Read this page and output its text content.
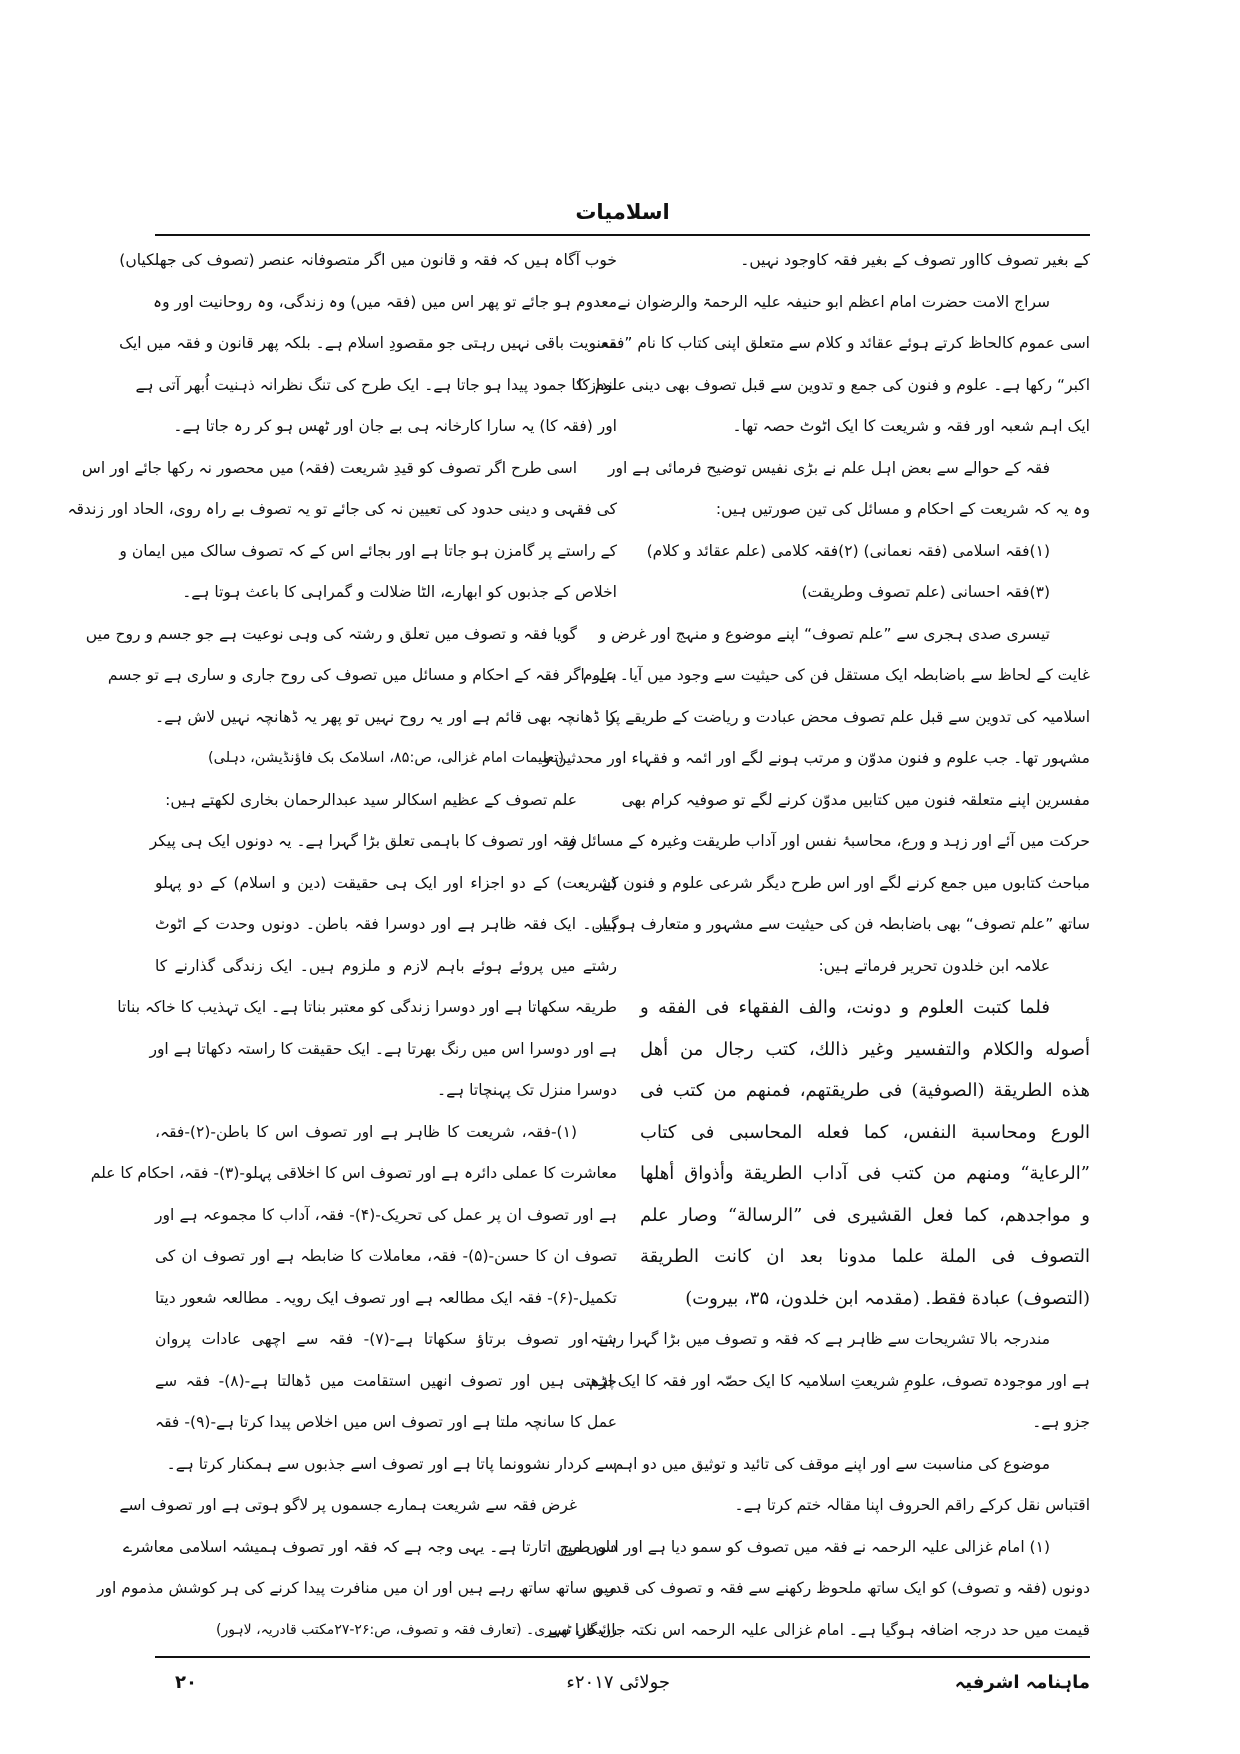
اسلامیات
کے بغیر تصوف کااور تصوف کے بغیر فقہ کاوجود نہیں۔
سراج الامت حضرت امام اعظم ابو حنیفہ علیہ الرحمۃ والرضوان نے
اسی عموم کالحاظ کرتے ہوئے عقائد و کلام سے متعلق اپنی کتاب کا نام ”فقہ
اکبر“ رکھا ہے۔ علوم و فنون کی جمع و تدوین سے قبل تصوف بھی دینی علوم کا
ایک اہم شعبہ اور فقہ و شریعت کا ایک اٹوٹ حصہ تھا۔
فقہ کے حوالے سے بعض اہل علم نے بڑی نفیس توضیح فرمائی ہے اور
وہ یہ کہ شریعت کے احکام و مسائل کی تین صورتیں ہیں:
(۱)فقہ اسلامی (فقہ نعمانی) (۲)فقہ کلامی (علم عقائد و کلام)
(۳)فقہ احسانی (علم تصوف وطریقت)
تیسری صدی ہجری سے ”علم تصوف“ اپنے موضوع و منہج اور غرض و
غایت کے لحاظ سے باضابطہ ایک مستقل فن کی حیثیت سے وجود میں آیا۔ علوم
اسلامیہ کی تدوین سے قبل علم تصوف محض عبادت و ریاضت کے طریقے پر
مشہور تھا۔ جب علوم و فنون مدوّن و مرتب ہونے لگے اور ائمہ و فقہاء اور محدثین و
مفسرین اپنے متعلقہ فنون میں کتابیں مدوّن کرنے لگے تو صوفیہ کرام بھی
حرکت میں آئے اور زہد و ورع، محاسبۂ نفس اور آداب طریقت وغیرہ کے مسائل و
مباحث کتابوں میں جمع کرنے لگے اور اس طرح دیگر شرعی علوم و فنون کے
ساتھ ”علم تصوف“ بھی باضابطہ فن کی حیثیت سے مشہور و متعارف ہوگیا۔
علامہ ابن خلدون تحریر فرماتے ہیں:
فلما كتبت العلوم و دونت، والف الفقهاء فى الفقه و
أصوله والكلام والتفسير وغير ذالك، كتب رجال من أهل
هذه الطريقة (الصوفية) فى طريقتهم، فمنهم من كتب فى
الورع ومحاسبة النفس، كما فعله المحاسبى فى كتاب
”الرعاية“ ومنهم من كتب فى آداب الطريقة وأذواق أهلها
و مواجدهم، كما فعل القشيرى فى ”الرسالة“ وصار علم
التصوف فى الملة علما مدونا بعد ان كانت الطريقة
(التصوف) عبادة فقط. (مقدمہ ابن خلدون، ۳۵، بیروت)
مندرجہ بالا تشریحات سے ظاہر ہے کہ فقہ و تصوف میں بڑا گہرا رشتہ
ہے اور موجودہ تصوف، علومِ شریعتِ اسلامیہ کا ایک حصّہ اور فقہ کا ایک اہم
جزو ہے۔
موضوع کی مناسبت سے اور اپنے موقف کی تائید و توثیق میں دو اہم
اقتباس نقل کرکے راقم الحروف اپنا مقالہ ختم کرتا ہے۔
(۱) امام غزالی علیہ الرحمہ نے فقہ میں تصوف کو سمو دیا ہے اور اس طرح
دونوں (فقہ و تصوف) کو ایک ساتھ ملحوظ رکھنے سے فقہ و تصوف کی قدر و
قیمت میں حد درجہ اضافہ ہوگیا ہے۔ امام غزالی علیہ الرحمہ اس نکتہ جاں فزا سے
خوب آگاہ ہیں کہ فقہ و قانون میں اگر متصوفانہ عنصر (تصوف کی جھلکیاں)
معدوم ہو جائے تو پھر اس میں (فقہ میں) وہ زندگی، وہ روحانیت اور وہ
معنویت باقی نہیں رہتی جو مقصودِ اسلام ہے۔ بلکہ پھر قانون و فقہ میں ایک
انداز کا جمود پیدا ہو جاتا ہے۔ ایک طرح کی تنگ نظرانہ ذہنیت اُبھر آتی ہے
اور (فقہ کا) یہ سارا کارخانہ ہی بے جان اور ٹھس ہو کر رہ جاتا ہے۔
اسی طرح اگر تصوف کو قیدِ شریعت (فقہ) میں محصور نہ رکھا جائے اور اس
کی فقہی و دینی حدود کی تعیین نہ کی جائے تو یہ تصوف بے راہ روی، الحاد اور زندقہ
کے راستے پر گامزن ہو جاتا ہے اور بجائے اس کے کہ تصوف سالک میں ایمان و
اخلاص کے جذبوں کو ابھارے، الٹا ضلالت و گمراہی کا باعث ہوتا ہے۔
گویا فقہ و تصوف میں تعلق و رشتہ کی وہی نوعیت ہے جو جسم و روح میں
ہے۔ اگر فقہ کے احکام و مسائل میں تصوف کی روح جاری و ساری ہے تو جسم
کا ڈھانچہ بھی قائم ہے اور یہ روح نہیں تو پھر یہ ڈھانچہ نہیں لاش ہے۔
(تعلیمات امام غزالی، ص:۸۵، اسلامک بک فاؤنڈیشن، دہلی)
علم تصوف کے عظیم اسکالر سید عبدالرحمان بخاری لکھتے ہیں:
فقہ اور تصوف کا باہمی تعلق بڑا گہرا ہے۔ یہ دونوں ایک ہی پیکر
(شریعت) کے دو اجزاء اور ایک ہی حقیقت (دین و اسلام) کے دو پہلو
ہیں۔ ایک فقہ ظاہر ہے اور دوسرا فقہ باطن۔ دونوں وحدت کے اٹوٹ
رشتے میں پروئے ہوئے باہم لازم و ملزوم ہیں۔ ایک زندگی گذارنے کا
طریقہ سکھاتا ہے اور دوسرا زندگی کو معتبر بناتا ہے۔ ایک تہذیب کا خاکہ بناتا
ہے اور دوسرا اس میں رنگ بھرتا ہے۔ ایک حقیقت کا راستہ دکھاتا ہے اور
دوسرا منزل تک پہنچاتا ہے۔
(۱)-فقہ، شریعت کا ظاہر ہے اور تصوف اس کا باطن-(۲)-فقہ،
معاشرت کا عملی دائرہ ہے اور تصوف اس کا اخلاقی پہلو-(۳)- فقہ، احکام کا علم
ہے اور تصوف ان پر عمل کی تحریک-(۴)- فقہ، آداب کا مجموعہ ہے اور
تصوف ان کا حسن-(۵)- فقہ، معاملات کا ضابطہ ہے اور تصوف ان کی
تکمیل-(۶)- فقہ ایک مطالعہ ہے اور تصوف ایک رویہ۔ مطالعہ شعور دیتا
ہے اور تصوف برتاؤ سکھاتا ہے-(۷)- فقہ سے اچھی عادات پروان
چڑھتی ہیں اور تصوف انھیں استقامت میں ڈھالتا ہے-(۸)- فقہ سے
عمل کا سانچہ ملتا ہے اور تصوف اس میں اخلاص پیدا کرتا ہے-(۹)- فقہ
سے کردار نشوونما پاتا ہے اور تصوف اسے جذبوں سے ہمکنار کرتا ہے۔
غرض فقہ سے شریعت ہمارے جسموں پر لاگو ہوتی ہے اور تصوف اسے
دلوں میں اتارتا ہے۔ یہی وجہ ہے کہ فقہ اور تصوف ہمیشہ اسلامی معاشرے
میں ساتھ ساتھ رہے ہیں اور ان میں منافرت پیدا کرنے کی ہر کوشش مذموم اور
رائیگاں ٹھہری۔ (تعارف فقہ و تصوف، ص:۲۶-۲۷مکتب قادریہ، لاہور)
ماہنامہ اشرفیہ
جولائی ۲۰۱۷ء
۲۰
